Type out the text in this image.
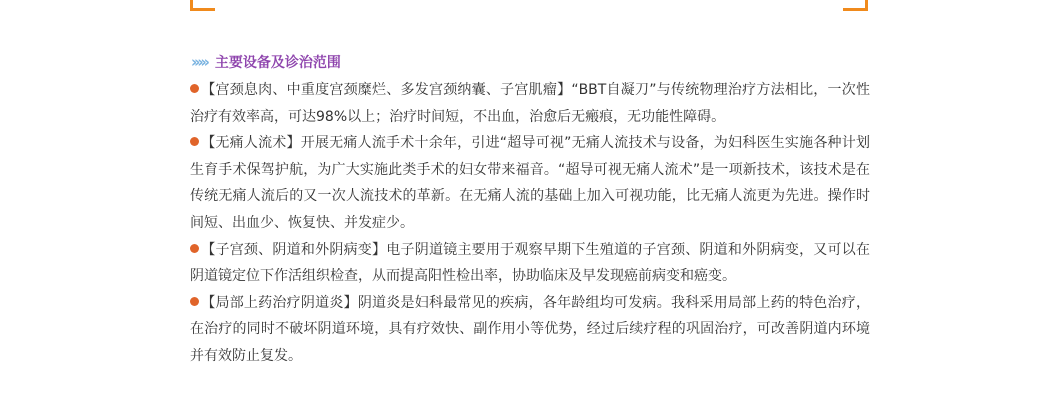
››››› 主要设备及诊治范围

【宫颈息肉、中重度宫颈糜烂、多发宫颈纳囊、子宫肌瘤】“BBT自凝刀”与传统物理治疗方法相比，一次性治疗有效率高，可达98%以上；治疗时间短，不出血，治愈后无瘢痕，无功能性障碍。

【无痛人流术】开展无痛人流手术十余年，引进“超导可视”无痛人流技术与设备，为妇科医生实施各种计划生育手术保驾护航，为广大实施此类手术的妇女带来福音。“超导可视无痛人流术”是一项新技术，该技术是在传统无痛人流后的又一次人流技术的革新。在无痛人流的基础上加入可视功能，比无痛人流更为先进。操作时间短、出血少、恢复快、并发症少。

【子宫颈、阴道和外阴病变】电子阴道镜主要用于观察早期下生殖道的子宫颈、阴道和外阴病变，又可以在阴道镜定位下作活组织检查，从而提高阳性检出率，协助临床及早发现癌前病变和癌变。

【局部上药治疗阴道炎】阴道炎是妇科最常见的疾病，各年龄组均可发病。我科采用局部上药的特色治疗，在治疗的同时不破坏阴道环境，具有疗效快、副作用小等优势，经过后续疗程的巩固治疗，可改善阴道内环境并有效防止复发。
